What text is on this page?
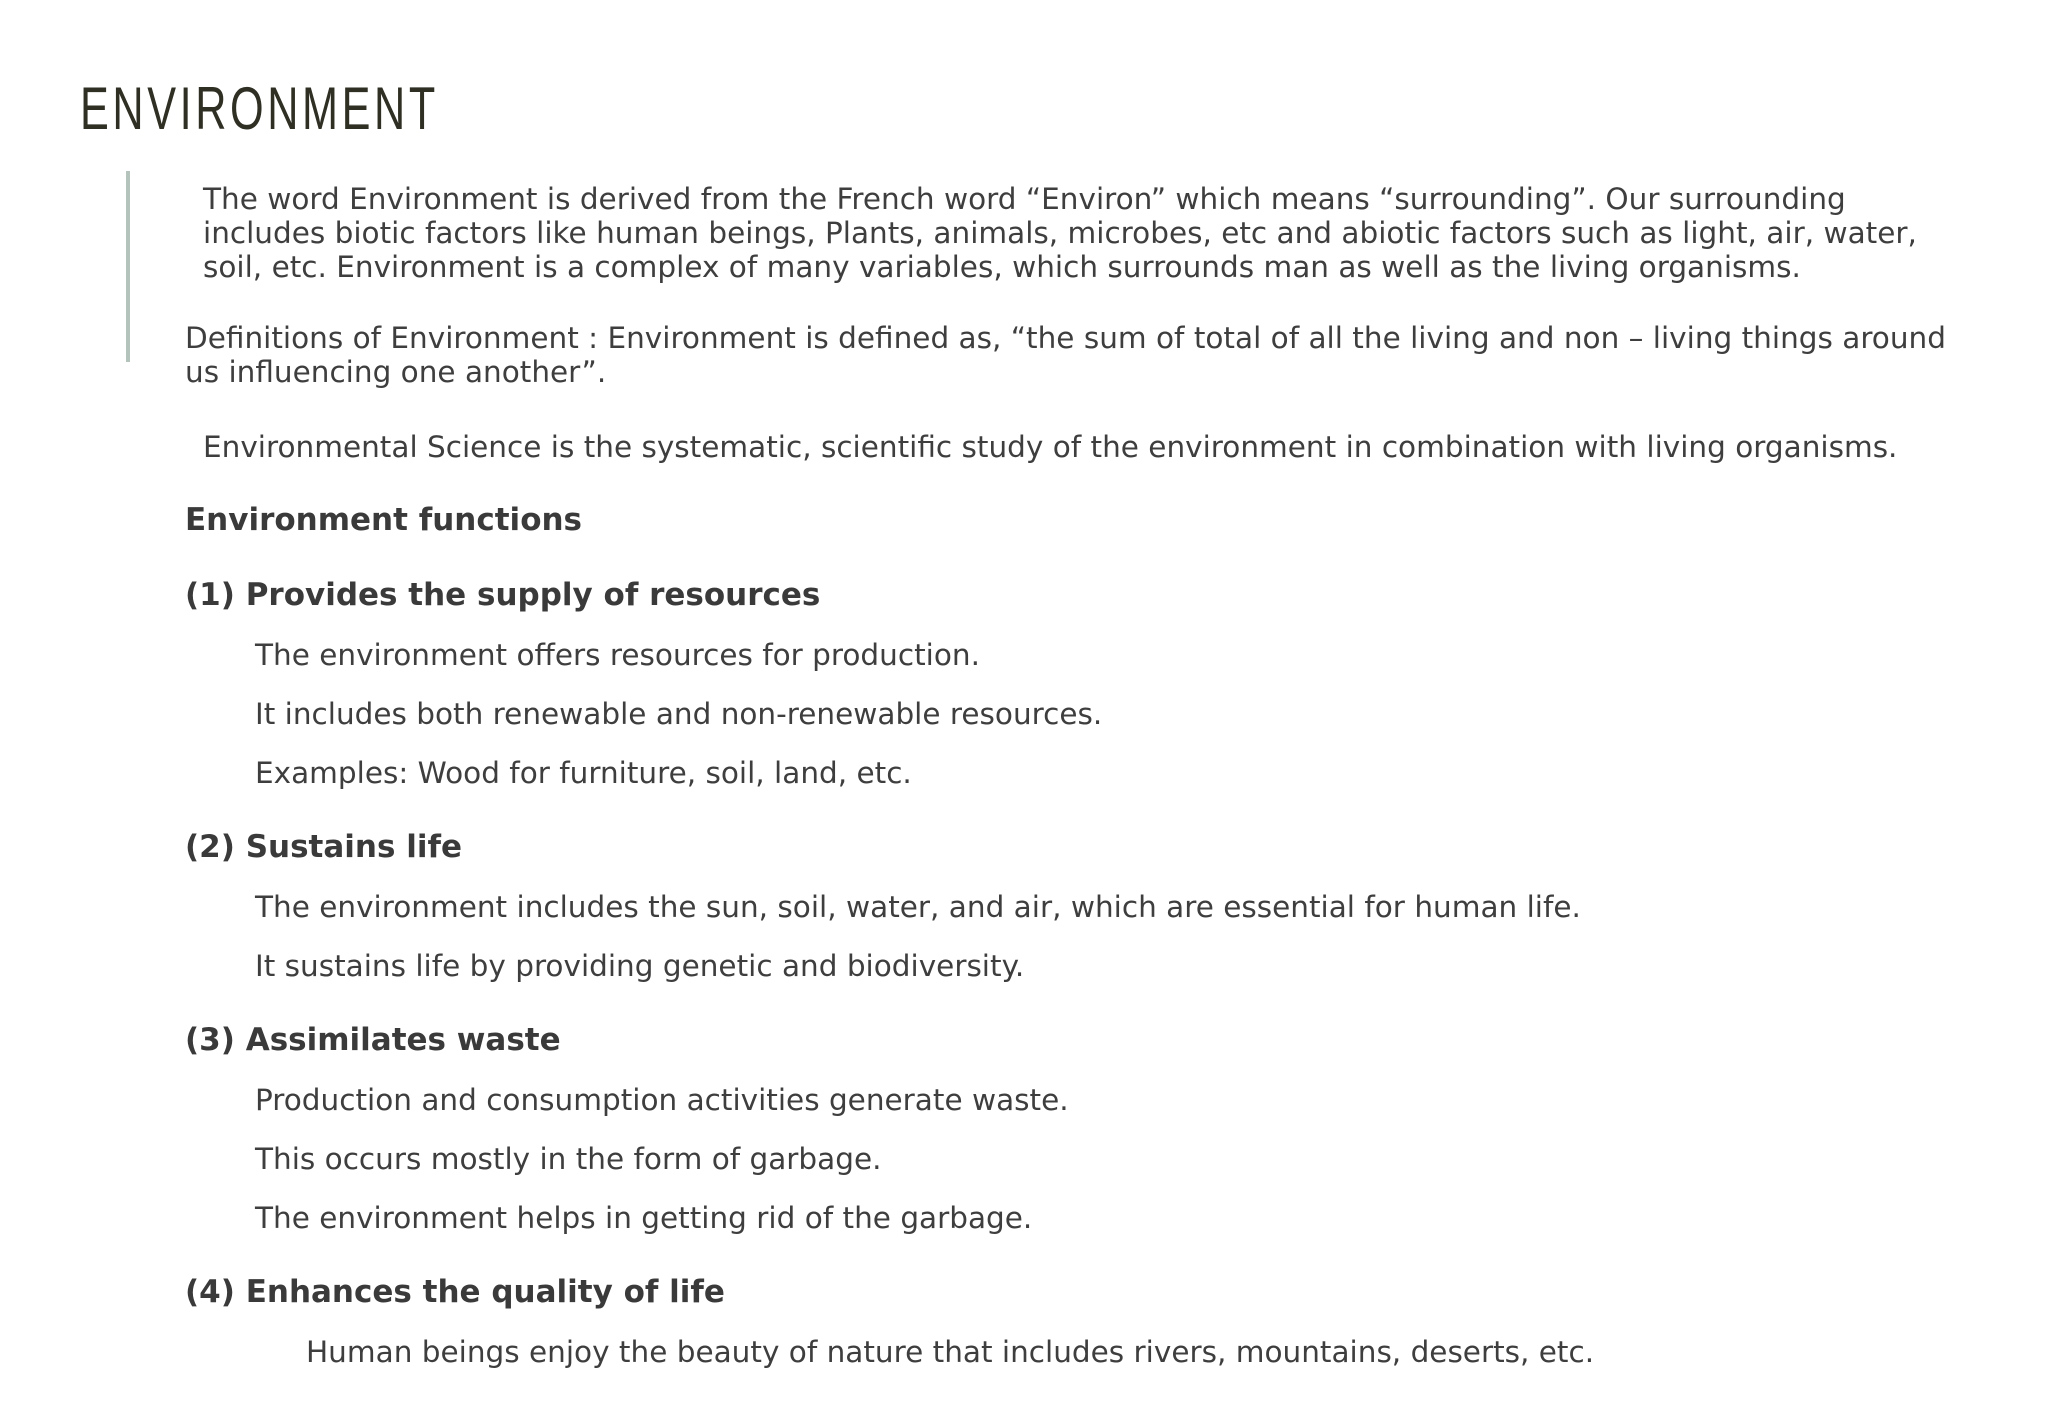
ENVIRONMENT

The word Environment is derived from the French word “Environ” which means “surrounding”. Our surrounding
includes biotic factors like human beings, Plants, animals, microbes, etc and abiotic factors such as light, air, water,
soil, etc. Environment is a complex of many variables, which surrounds man as well as the living organisms.

Definitions of Environment : Environment is defined as, “the sum of total of all the living and non – living things around
us influencing one another”.

Environmental Science is the systematic, scientific study of the environment in combination with living organisms.

Environment functions
(1) Provides the supply of resources

The environment offers resources for production.

It includes both renewable and non-renewable resources.

Examples: Wood for furniture, soil, land, etc.

(2) Sustains life

The environment includes the sun, soil, water, and air, which are essential for human life.

It sustains life by providing genetic and biodiversity.

(3) Assimilates waste

Production and consumption activities generate waste.

This occurs mostly in the form of garbage.

The environment helps in getting rid of the garbage.

(4) Enhances the quality of life

Human beings enjoy the beauty of nature that includes rivers, mountains, deserts, etc.
